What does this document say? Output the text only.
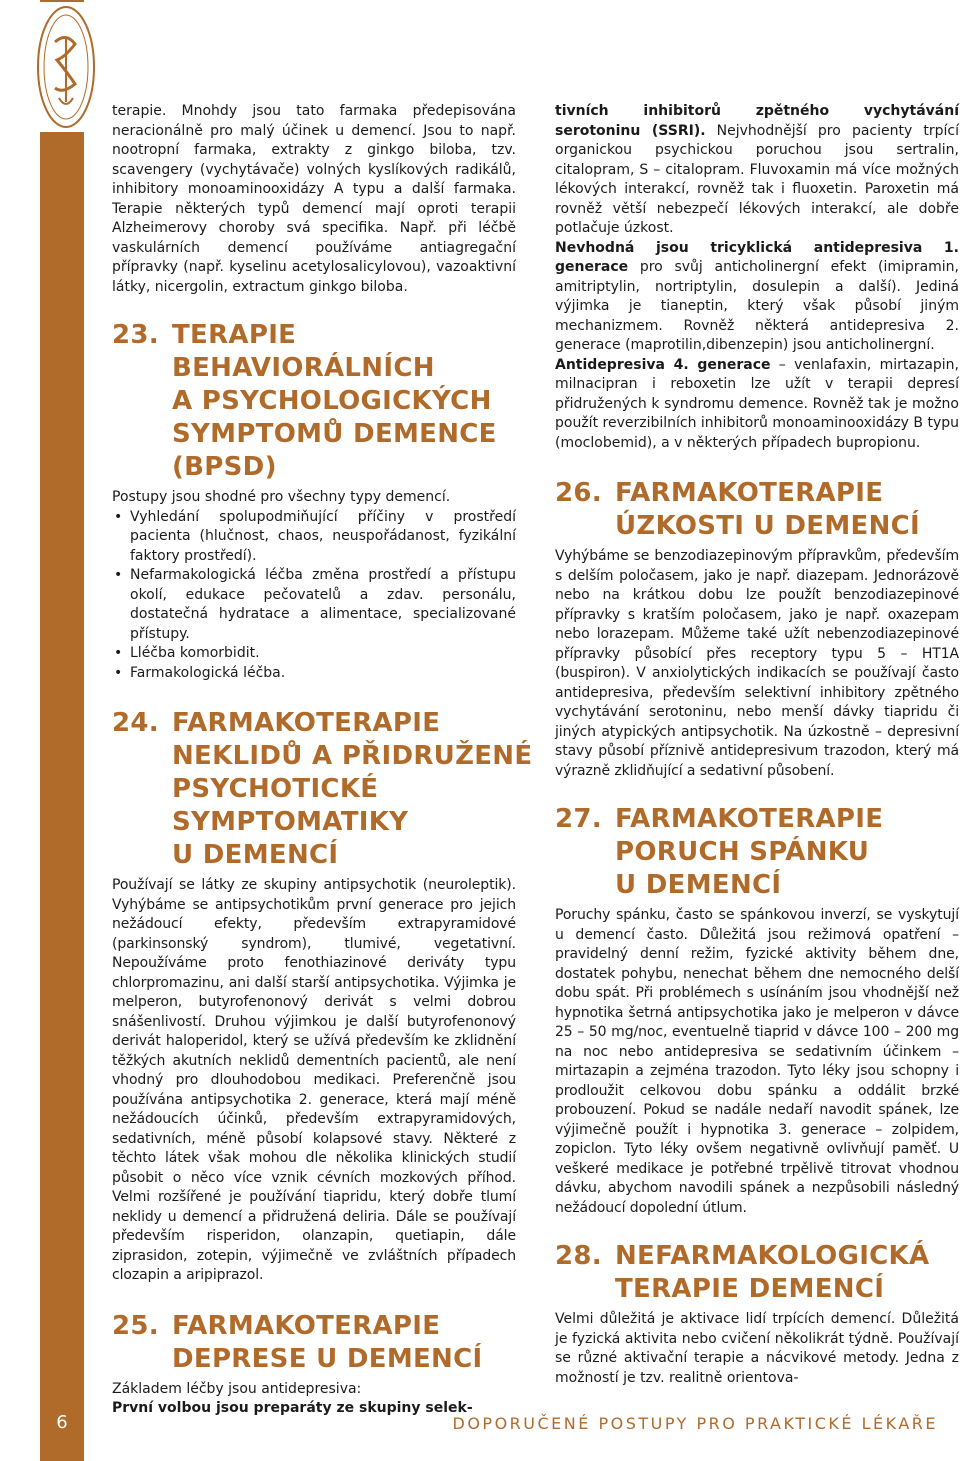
6	DOPORUČENÉ POSTUPY PRO PRAKTICKÉ LÉKAŘE

terapie. Mnohdy jsou tato farmaka předepisována neracionálně pro malý účinek u demencí. Jsou to např. nootropní farmaka, extrakty z ginkgo biloba, tzv. scavengery (vychytávače) volných kyslíkových radikálů, inhibitory monoaminooxidázy A typu a další farmaka. Terapie některých typů demencí mají oproti terapii Alzheimerovy choroby svá specifika. Např. při léčbě vaskulárních demencí používáme antiagregační přípravky (např. kyselinu acetylosalicylovou), vazoaktivní látky, nicergolin, extractum ginkgo biloba.

23. TERAPIE
BEHAVIORÁLNÍCH
A PSYCHOLOGICKÝCH
SYMPTOMŮ DEMENCE
(BPSD)

Postupy jsou shodné pro všechny typy demencí.

• Vyhledání spolupodmiňující příčiny v prostředí pacienta (hlučnost, chaos, neuspořádanost, fyzikální faktory prostředí).
• Nefarmakologická léčba změna prostředí a přístupu okolí, edukace pečovatelů a zdav. personálu, dostatečná hydratace a alimentace, specializované přístupy.
• Lléčba komorbidit.
• Farmakologická léčba.
24. FARMAKOTERAPIE
NEKLIDŮ A PŘIDRUŽENÉ
PSYCHOTICKÉ
SYMPTOMATIKY
U DEMENCÍ

Používají se látky ze skupiny antipsychotik (neuroleptik). Vyhýbáme se antipsychotikům první generace pro jejich nežádoucí efekty, především extrapyramidové (parkinsonský syndrom), tlumivé, vegetativní. Nepoužíváme proto fenothiazinové deriváty typu chlorpromazinu, ani další starší antipsychotika. Výjimka je melperon, butyrofenonový derivát s velmi dobrou snášenlivostí. Druhou výjimkou je další butyrofenonový derivát haloperidol, který se užívá především ke zklidnění těžkých akutních neklidů dementních pacientů, ale není vhodný pro dlouhodobou medikaci. Preferenčně jsou používána antipsychotika 2. generace, která mají méně nežádoucích účinků, především extrapyramidových, sedativních, méně působí kolapsové stavy. Některé z těchto látek však mohou dle několika klinických studií působit o něco více vznik cévních mozkových příhod. Velmi rozšířené je používání tiapridu, který dobře tlumí neklidy u demencí a přidružená deliria. Dále se používají především risperidon, olanzapin, quetiapin, dále ziprasidon, zotepin, výjimečně ve zvláštních případech clozapin a aripiprazol.

25. FARMAKOTERAPIE
DEPRESE U DEMENCÍ

Základem léčby jsou antidepresiva:

První volbou jsou preparáty ze skupiny selek-

tivních inhibitorů zpětného vychytávání serotoninu (SSRI). Nejvhodnější pro pacienty trpící organickou psychickou poruchou jsou sertralin, citalopram, S – citalopram. Fluvoxamin má více možných lékových interakcí, rovněž tak i fluoxetin. Paroxetin má rovněž větší nebezpečí lékových interakcí, ale dobře potlačuje úzkost.

Nevhodná jsou tricyklická antidepresiva 1. generace pro svůj anticholinergní efekt (imipramin, amitriptylin, nortriptylin, dosulepin a další). Jediná výjimka je tianeptin, který však působí jiným mechanizmem. Rovněž některá antidepresiva 2. generace (maprotilin,dibenzepin) jsou anticholinergní.

Antidepresiva 4. generace – venlafaxin, mirtazapin, milnacipran i reboxetin lze užít v terapii depresí přidružených k syndromu demence. Rovněž tak je možno použít reverzibilních inhibitorů monoaminooxidázy B typu (moclobemid), a v některých případech bupropionu.

26. FARMAKOTERAPIE
ÚZKOSTI U DEMENCÍ

Vyhýbáme se benzodiazepinovým přípravkům, především s delším poločasem, jako je např. diazepam. Jednorázově nebo na krátkou dobu lze použít benzodiazepinové přípravky s kratším poločasem, jako je např. oxazepam nebo lorazepam. Můžeme také užít nebenzodiazepinové přípravky působící přes receptory typu 5 – HT1A (buspiron). V anxiolytických indikacích se používají často antidepresiva, především selektivní inhibitory zpětného vychytávání serotoninu, nebo menší dávky tiapridu či jiných atypických antipsychotik. Na úzkostně – depresivní stavy působí příznivě antidepresivum trazodon, který má výrazně zklidňující a sedativní působení.

27. FARMAKOTERAPIE
PORUCH SPÁNKU
U DEMENCÍ

Poruchy spánku, často se spánkovou inverzí, se vyskytují u demencí často. Důležitá jsou režimová opatření – pravidelný denní režim, fyzické aktivity během dne, dostatek pohybu, nenechat během dne nemocného delší dobu spát. Při problémech s usínáním jsou vhodnější než hypnotika šetrná antipsychotika jako je melperon v dávce 25 – 50 mg/noc, eventuelně tiaprid v dávce 100 – 200 mg na noc nebo antidepresiva se sedativním účinkem – mirtazapin a zejména trazodon. Tyto léky jsou schopny i prodloužit celkovou dobu spánku a oddálit brzké probouzení. Pokud se nadále nedaří navodit spánek, lze výjimečně použít i hypnotika 3. generace – zolpidem, zopiclon. Tyto léky ovšem negativně ovlivňují paměť. U veškeré medikace je potřebné trpělivě titrovat vhodnou dávku, abychom navodili spánek a nezpůsobili následný nežádoucí dopolední útlum.

28. NEFARMAKOLOGICKÁ
TERAPIE DEMENCÍ

Velmi důležitá je aktivace lidí trpících demencí. Důležitá je fyzická aktivita nebo cvičení několikrát týdně. Používají se různé aktivační terapie a nácvikové metody. Jedna z možností je tzv. realitně orientova-
